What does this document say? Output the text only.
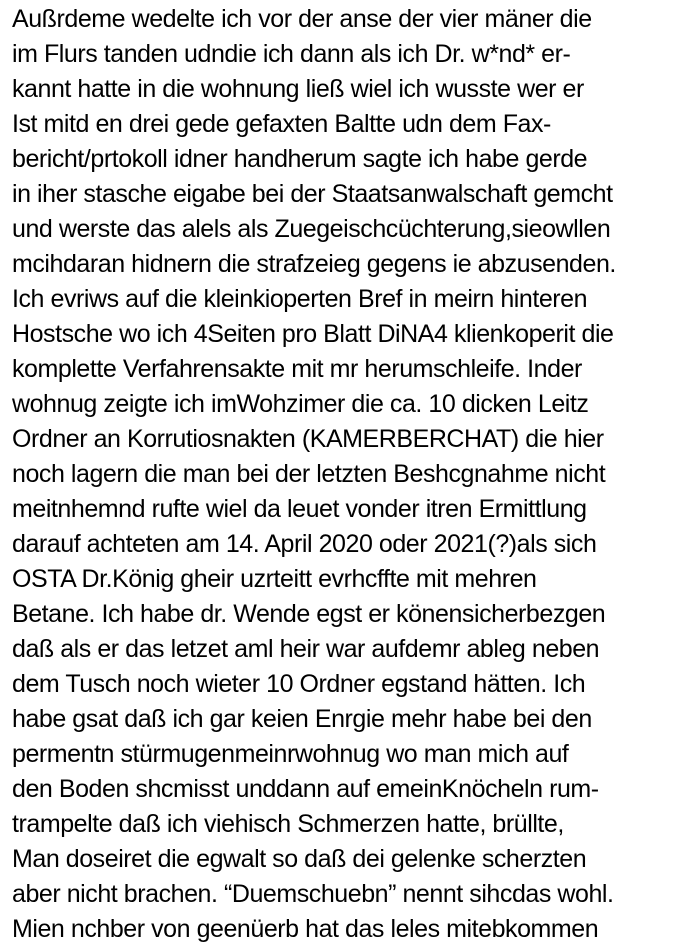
Außrdeme wedelte ich vor der anse der vier mäner die
im Flurs tanden udndie ich dann als ich Dr. w*nd* er-
kannt hatte in die wohnung ließ wiel ich wusste wer er
Ist mitd en drei gede gefaxten Baltte udn dem Fax-
bericht/prtokoll idner handherum sagte ich habe gerde
in iher stasche eigabe bei der Staatsanwalschaft gemcht
und werste das alels als Zuegeischcüchterung,sieowllen
mcihdaran hidnern die strafzeieg gegens ie abzusenden.
Ich evriws auf die kleinkioperten Bref in meirn hinteren
Hostsche wo ich 4Seiten pro Blatt DiNA4 klienkoperit die
komplette Verfahrensakte mit mr herumschleife. Inder
wohnug zeigte ich imWohzimer die ca. 10 dicken Leitz
Ordner an Korrutiosnakten (KAMERBERCHAT) die hier
noch lagern die man bei der letzten Beshcgnahme nicht
meitnhemnd rufte wiel da leuet vonder itren Ermittlung
darauf achteten am 14. April 2020 oder 2021(?)als sich
OSTA Dr.König gheir uzrteitt evrhcffte mit mehren
Betane. Ich habe dr. Wende egst er könensicherbezgen
daß als er das letzet aml heir war aufdemr ableg neben
dem Tusch noch wieter 10 Ordner egstand hätten. Ich
habe gsat daß ich gar keien Enrgie mehr habe bei den
permentn stürmugenmeinrwohnug wo man mich auf
den Boden shcmisst unddann auf emeinKnöcheln rum-
trampelte daß ich viehisch Schmerzen hatte, brüllte,
Man doseiret die egwalt so daß dei gelenke scherzten
aber nicht brachen. “Duemschuebn” nennt sihcdas wohl.
Mien nchber von geenüerb hat das leles mitebkommen
